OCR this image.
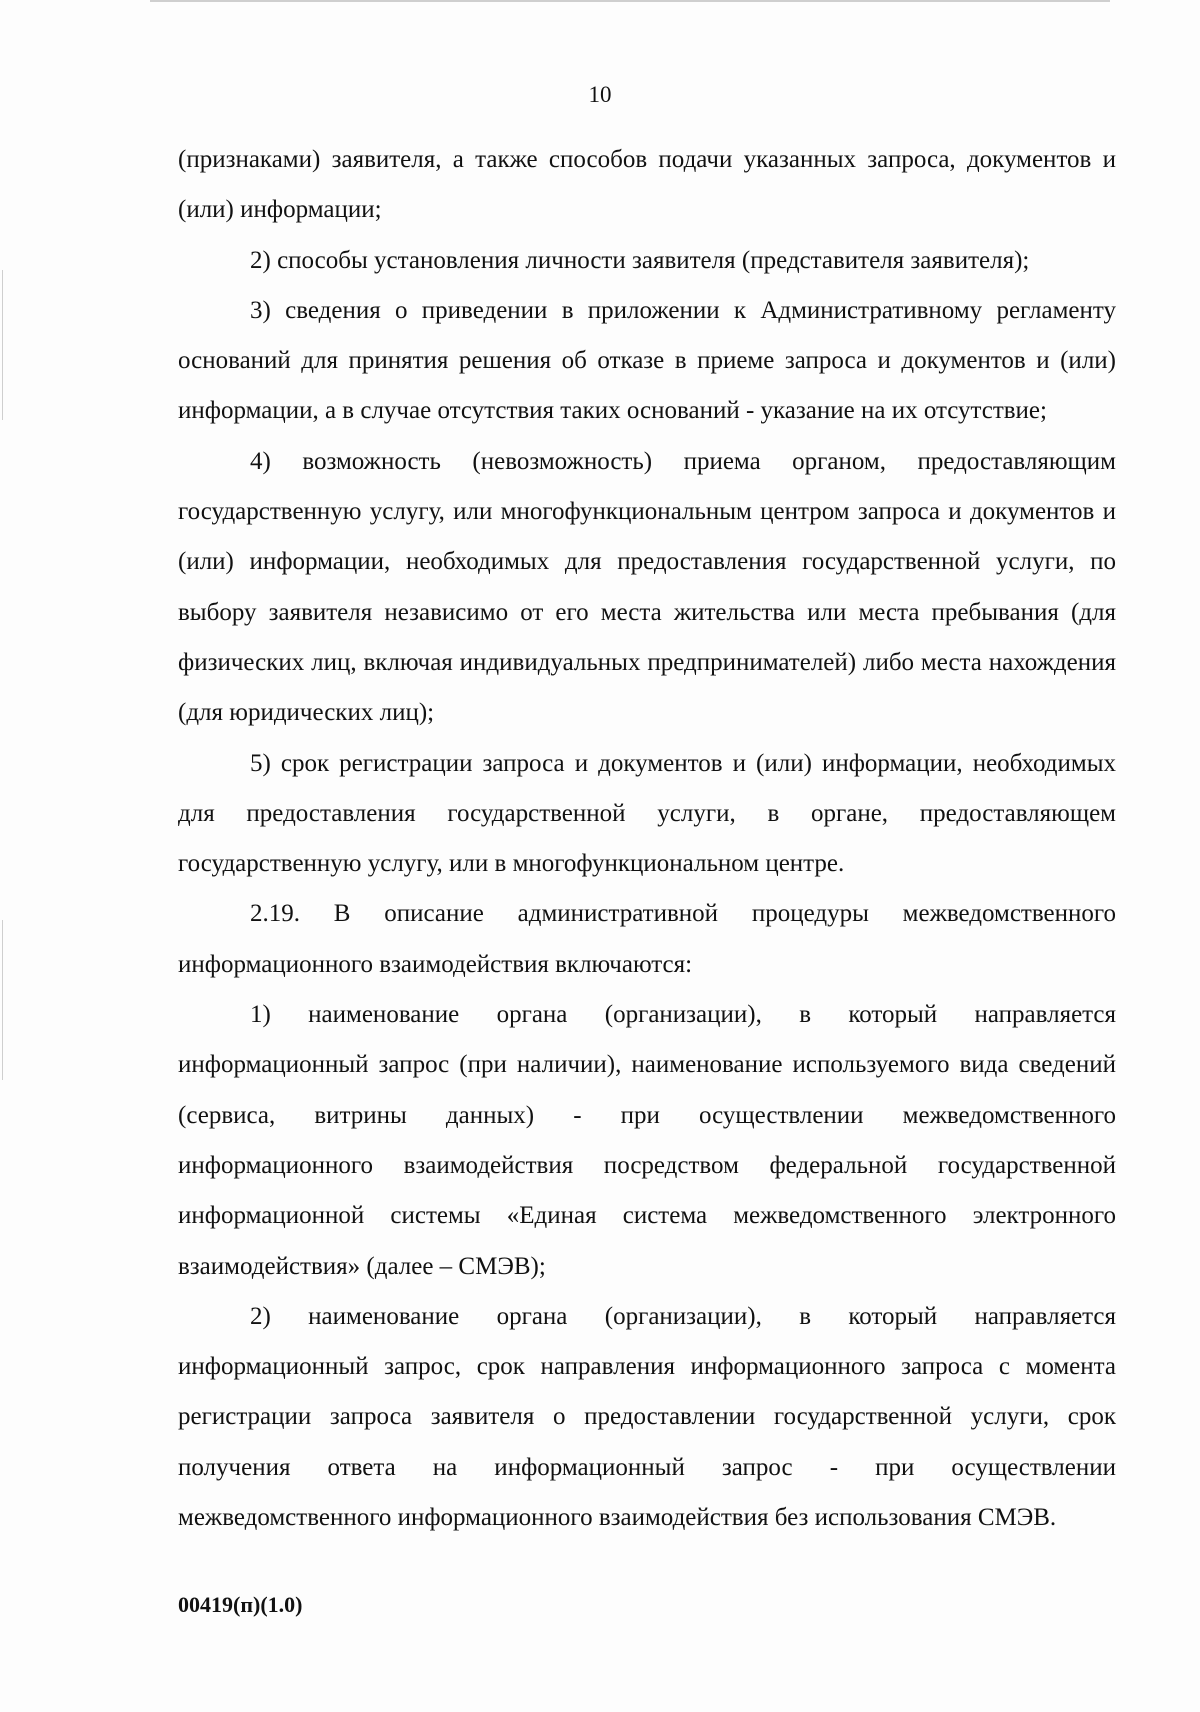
10

(признаками) заявителя, а также способов подачи указанных запроса, документов и (или) информации;

2) способы установления личности заявителя (представителя заявителя);

3) сведения о приведении в приложении к Административному регламенту оснований для принятия решения об отказе в приеме запроса и документов и (или) информации, а в случае отсутствия таких оснований - указание на их отсутствие;

4) возможность (невозможность) приема органом, предоставляющим государственную услугу, или многофункциональным центром запроса и документов и (или) информации, необходимых для предоставления государственной услуги, по выбору заявителя независимо от его места жительства или места пребывания (для физических лиц, включая индивидуальных предпринимателей) либо места нахождения (для юридических лиц);

5) срок регистрации запроса и документов и (или) информации, необходимых для предоставления государственной услуги, в органе, предоставляющем государственную услугу, или в многофункциональном центре.

2.19. В описание административной процедуры межведомственного информационного взаимодействия включаются:

1) наименование органа (организации), в который направляется информационный запрос (при наличии), наименование используемого вида сведений (сервиса, витрины данных) - при осуществлении межведомственного информационного взаимодействия посредством федеральной государственной информационной системы «Единая система межведомственного электронного взаимодействия» (далее – СМЭВ);

2) наименование органа (организации), в который направляется информационный запрос, срок направления информационного запроса с момента регистрации запроса заявителя о предоставлении государственной услуги, срок получения ответа на информационный запрос - при осуществлении межведомственного информационного взаимодействия без использования СМЭВ.

00419(п)(1.0)
